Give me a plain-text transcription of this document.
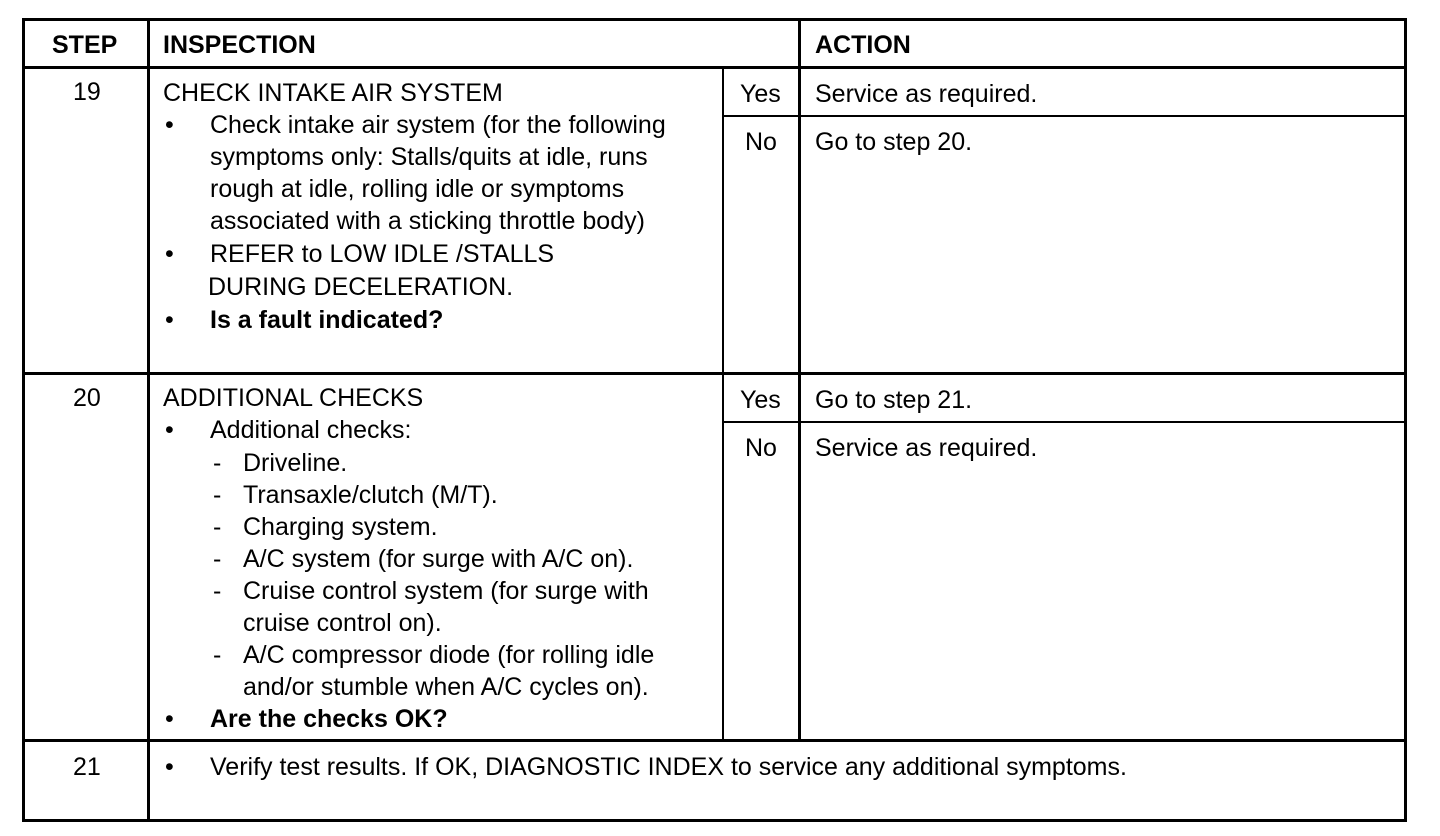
STEP INSPECTION	ACTION
19 CHECK INTAKE AIR SYSTEM
• Check intake air system (for the following
symptoms only: Stalls/quits at idle, runs
rough at idle, rolling idle or symptoms
associated with a sticking throttle body)
• REFER to LOW IDLE /STALLS
DURING DECELERATION.
• Is a fault indicated?
Yes Service as required.
No Go to step 20.
20 ADDITIONAL CHECKS
• Additional checks:
- Driveline.
- Transaxle/clutch (M/T).
- Charging system.
- A/C system (for surge with A/C on).
- Cruise control system (for surge with
cruise control on).
- A/C compressor diode (for rolling idle
and/or stumble when A/C cycles on).
• Are the checks OK?
Yes Go to step 21.
No Service as required.
21	• Verify test results. If OK, DIAGNOSTIC INDEX to service any additional symptoms.
